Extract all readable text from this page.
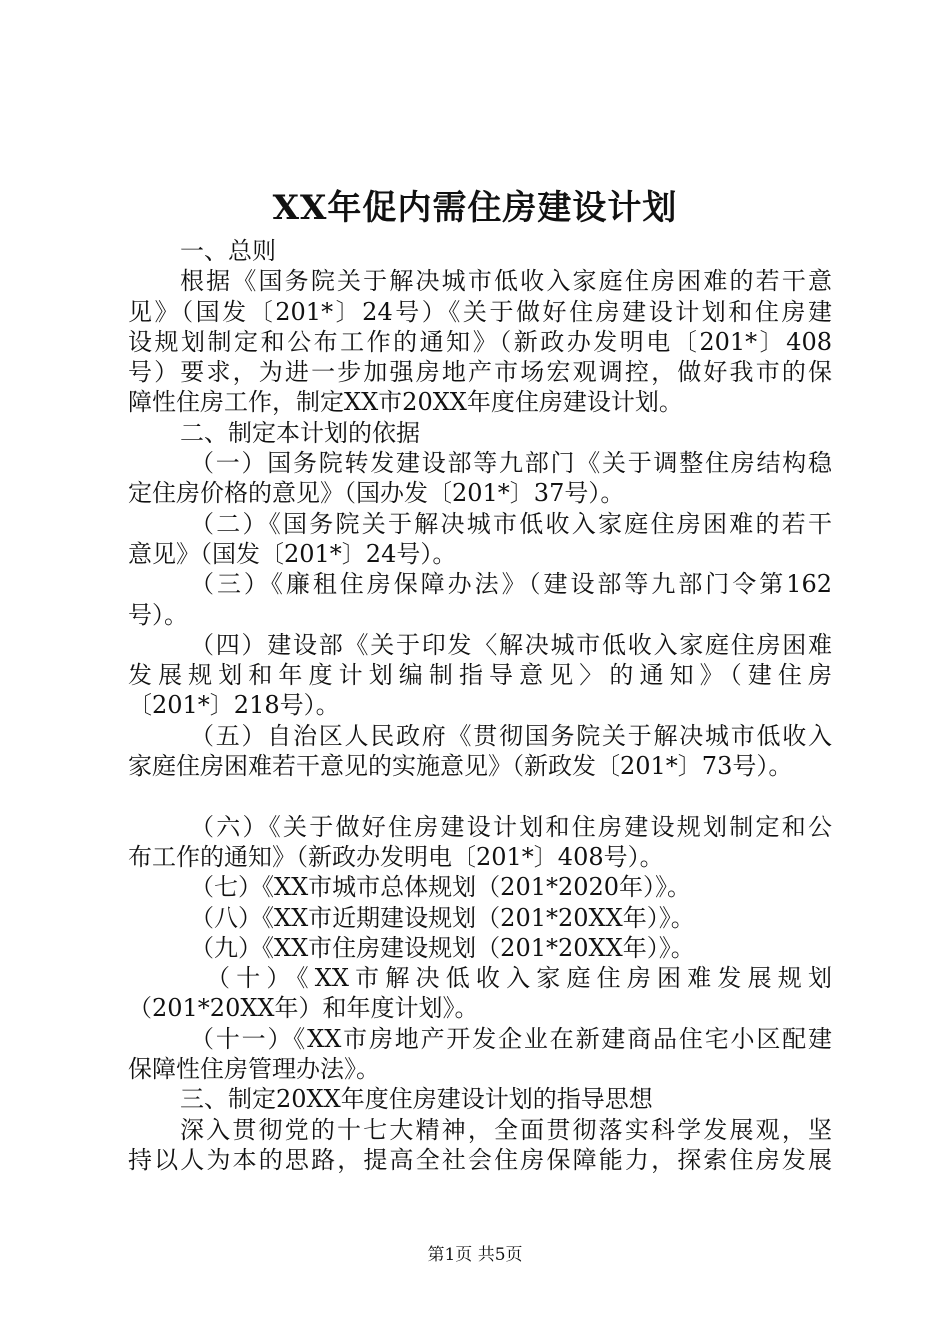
XX年促内需住房建设计划
一、总则
根据《国务院关于解决城市低收入家庭住房困难的若干意
见》（国发〔201*〕24号）《关于做好住房建设计划和住房建
设规划制定和公布工作的通知》（新政办发明电〔201*〕408
号）要求，为进一步加强房地产市场宏观调控，做好我市的保
障性住房工作，制定XX市20XX年度住房建设计划。
二、制定本计划的依据
（一）国务院转发建设部等九部门《关于调整住房结构稳
定住房价格的意见》（国办发〔201*〕37号）。
（二）《国务院关于解决城市低收入家庭住房困难的若干
意见》（国发〔201*〕24号）。
（三）《廉租住房保障办法》（建设部等九部门令第162
号）。
（四）建设部《关于印发〈解决城市低收入家庭住房困难
发展规划和年度计划编制指导意见〉的通知》（建住房
〔201*〕218号）。
（五）自治区人民政府《贯彻国务院关于解决城市低收入
家庭住房困难若干意见的实施意见》（新政发〔201*〕73号）。
（六）《关于做好住房建设计划和住房建设规划制定和公
布工作的通知》（新政办发明电〔201*〕408号）。
（七）《XX市城市总体规划（201*2020年）》。
（八）《XX市近期建设规划（201*20XX年）》。
（九）《XX市住房建设规划（201*20XX年）》。
（十）《XX市解决低收入家庭住房困难发展规划
（201*20XX年）和年度计划》。
（十一）《XX市房地产开发企业在新建商品住宅小区配建
保障性住房管理办法》。
三、制定20XX年度住房建设计划的指导思想
深入贯彻党的十七大精神，全面贯彻落实科学发展观，坚
持以人为本的思路，提高全社会住房保障能力，探索住房发展
第1页 共5页
